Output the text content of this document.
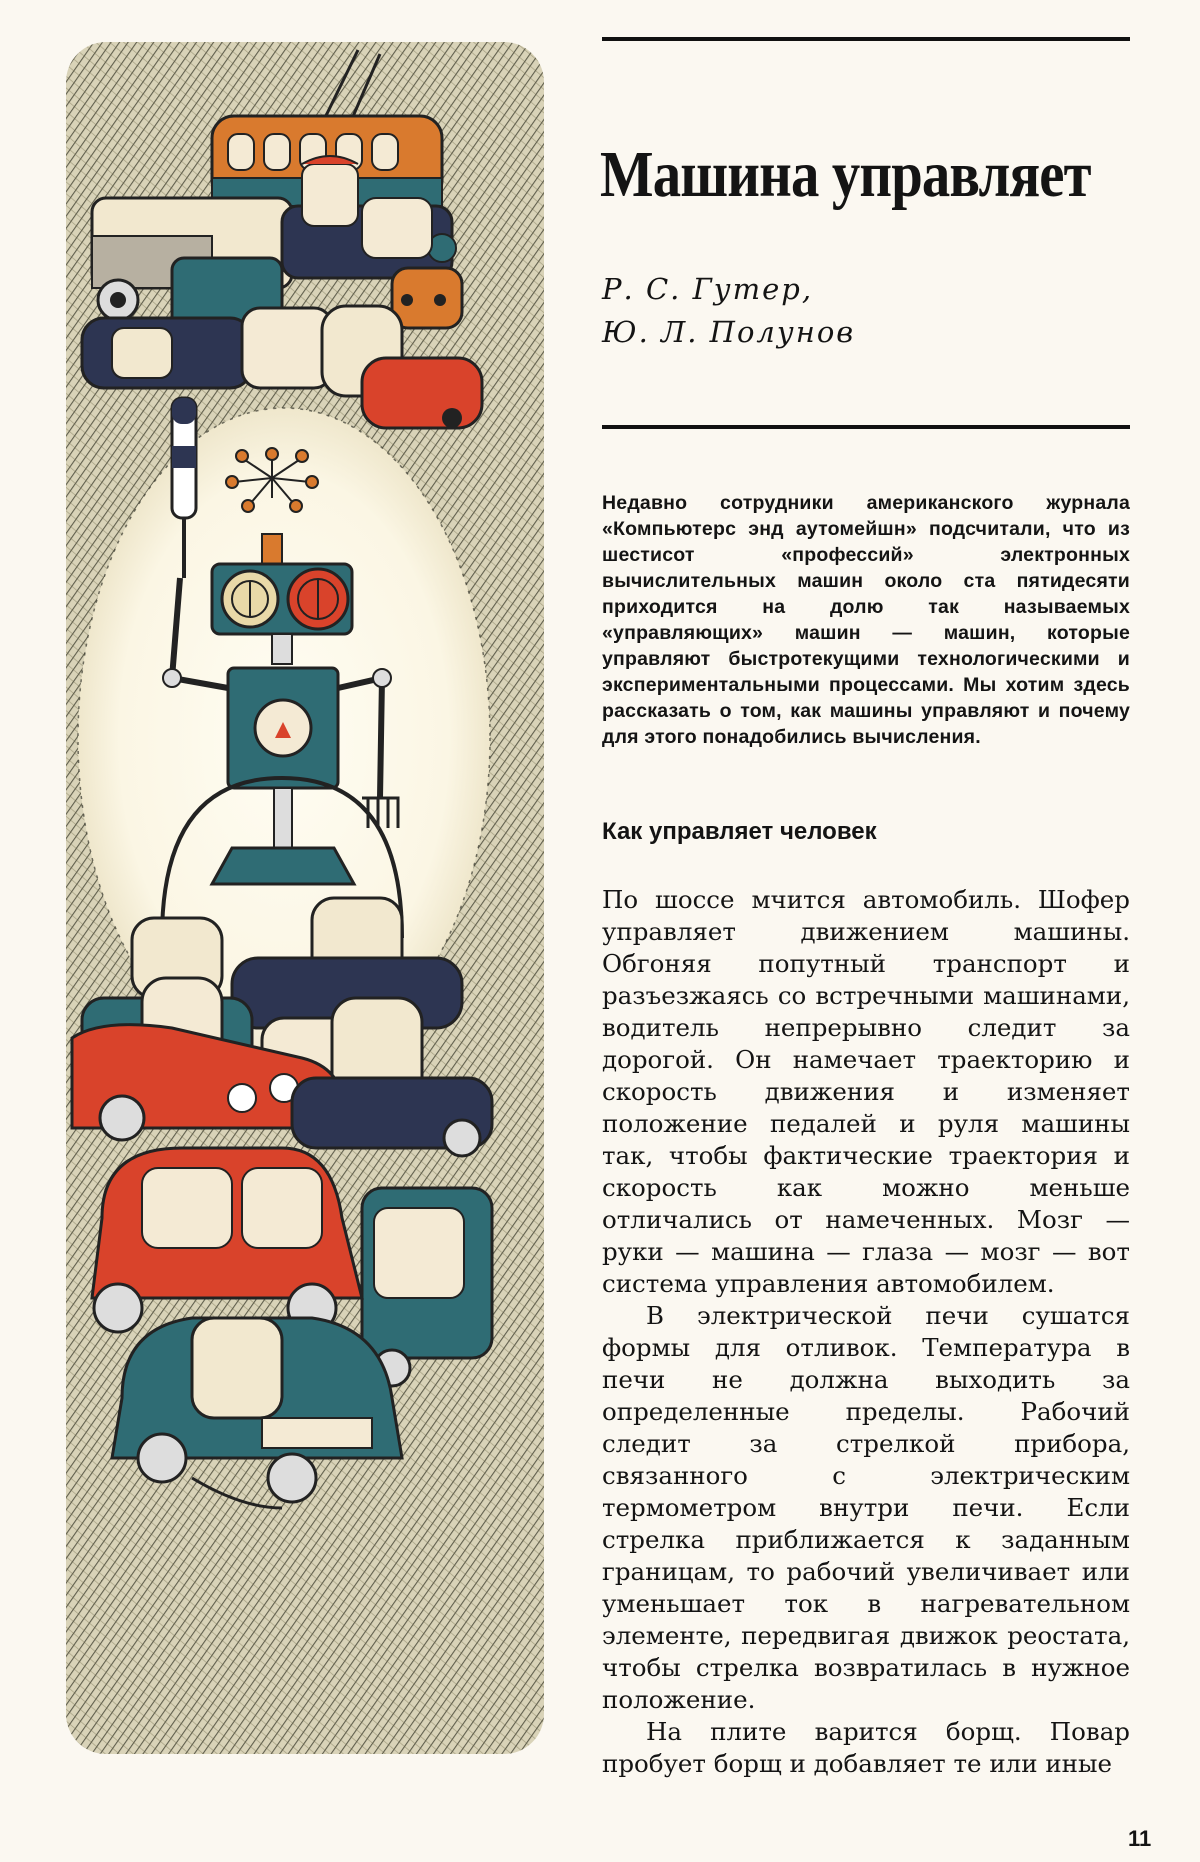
Машина управляет
Р. С. Гутер,
Ю. Л. Полунов

Недавно сотрудники американского журнала «Компьютерс энд аутомейшн» подсчитали, что из шестисот «профессий» электронных вычислительных машин около ста пятидесяти приходится на долю так называемых «управляющих» машин — машин, которые управляют быстротекущими технологическими и экспериментальными процессами. Мы хотим здесь рассказать о том, как машины управляют и почему для этого понадобились вычисления.

Как управляет человек

По шоссе мчится автомобиль. Шофер управляет движением машины. Обгоняя попутный транспорт и разъезжаясь со встречными машинами, водитель непрерывно следит за дорогой. Он намечает траекторию и скорость движения и изменяет положение педалей и руля машины так, чтобы фактические траектория и скорость как можно меньше отличались от намеченных. Мозг — руки — машина — глаза — мозг — вот система управления автомобилем.

В электрической печи сушатся формы для отливок. Температура в печи не должна выходить за определенные пределы. Рабочий следит за стрелкой прибора, связанного с электрическим термометром внутри печи. Если стрелка приближается к заданным границам, то рабочий увеличивает или уменьшает ток в нагревательном элементе, передвигая движок реостата, чтобы стрелка возвратилась в нужное положение.

На плите варится борщ. Повар пробует борщ и добавляет те или иные

11
